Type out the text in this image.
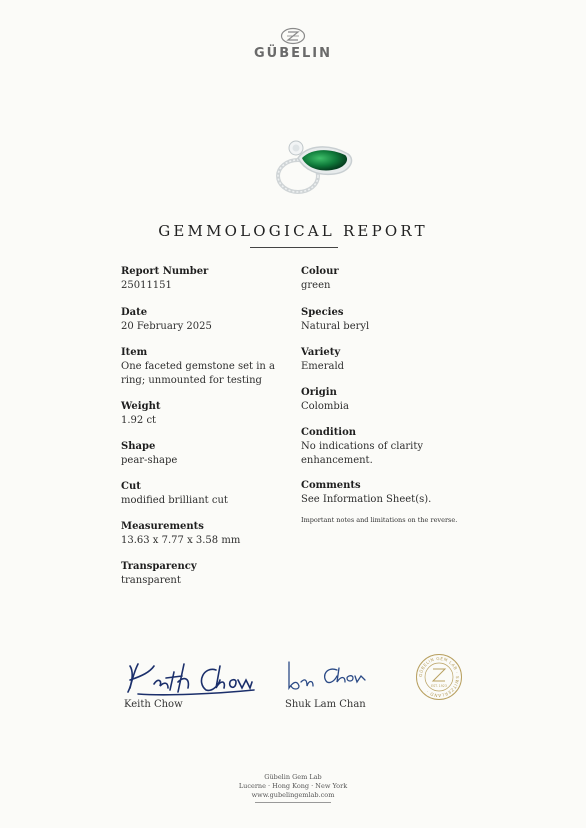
GÜBELIN
GEMMOLOGICAL REPORT
Report Number
25011151
Date
20 February 2025
Item
One faceted gemstone set in a ring; unmounted for testing
Weight
1.92 ct
Shape
pear-shape
Cut
modified brilliant cut
Measurements
13.63 x 7.77 x 3.58 mm
Transparency
transparent
Colour
green
Species
Natural beryl
Variety
Emerald
Origin
Colombia
Condition
No indications of clarity enhancement.
Comments
See Information Sheet(s).
Important notes and limitations on the reverse.
Keith Chow	Shuk Lam Chan
GÜBELIN GEM LAB · SWITZERLAND ·
EST. 1923
Gübelin Gem Lab
Lucerne · Hong Kong · New York
www.gubelingemlab.com
